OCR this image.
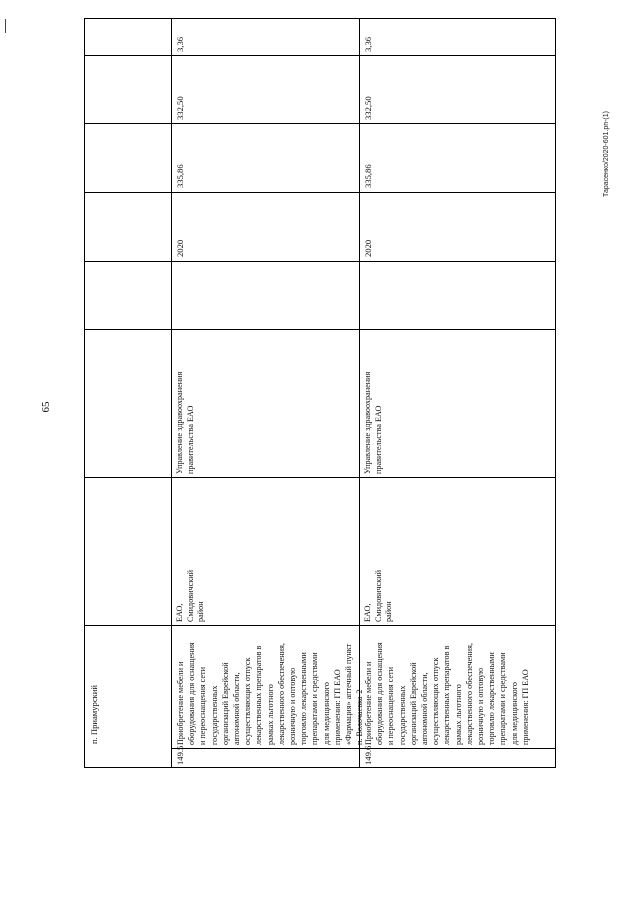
65
Тарасенко/2020-601.рп-(1)
п. Приамурский
149.5
Приобретение мебели и
оборудования для оснащения
и переоснащения сети
государственных
организаций Еврейской
автономной области,
осуществляющих отпуск
лекарственных препаратов в
рамках льготного
лекарственного обеспечения,
розничную и оптовую
торговлю лекарственными
препаратами и средствами
для медицинского
применения: ГП ЕАО
«Фармация» аптечный пункт
п. Волочаевка-2
ЕАО,
Смидовичский
район
Управление здравоохранения
правительства ЕАО
2020
335,86
332,50
3,36
149.6
Приобретение мебели и
оборудования для оснащения
и переоснащения сети
государственных
организаций Еврейской
автономной области,
осуществляющих отпуск
лекарственных препаратов в
рамках льготного
лекарственного обеспечения,
розничную и оптовую
торговлю лекарственными
препаратами и средствами
для медицинского
применения: ГП ЕАО
ЕАО,
Смидовичский
район
Управление здравоохранения
правительства ЕАО
2020
335,86
332,50
3,36
